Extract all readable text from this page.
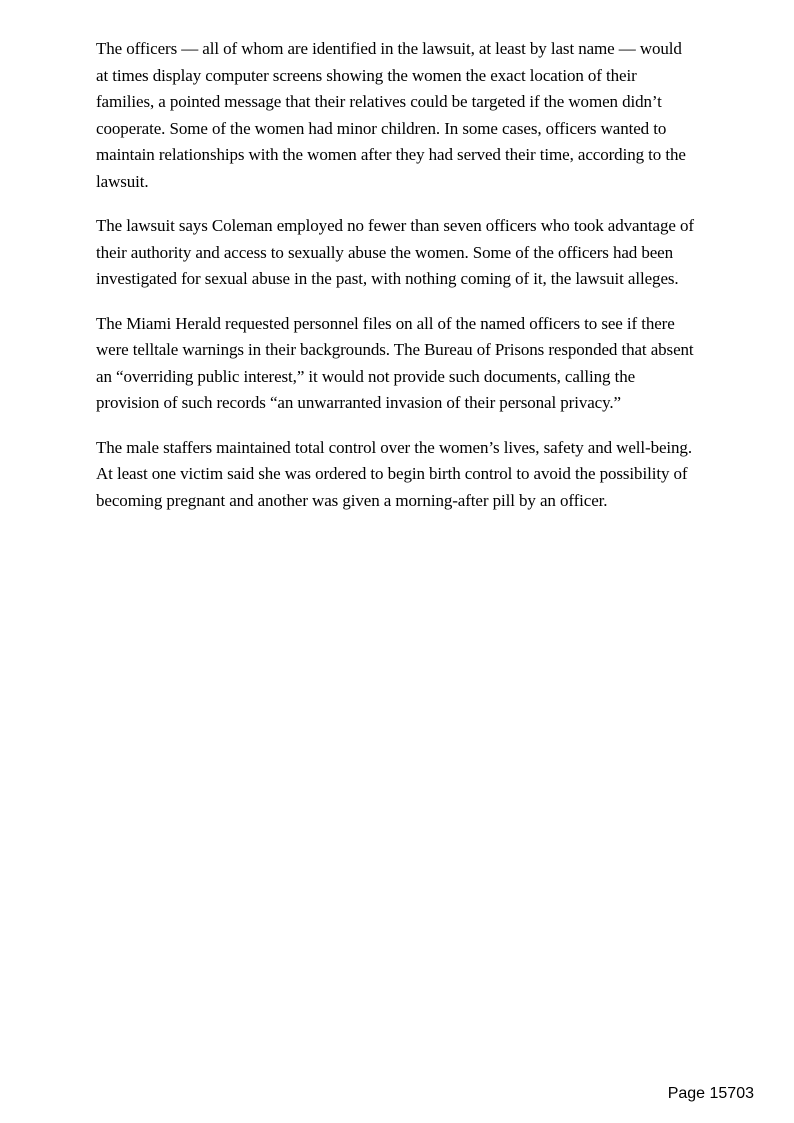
The officers — all of whom are identified in the lawsuit, at least by last name — would at times display computer screens showing the women the exact location of their families, a pointed message that their relatives could be targeted if the women didn’t cooperate. Some of the women had minor children. In some cases, officers wanted to maintain relationships with the women after they had served their time, according to the lawsuit.

The lawsuit says Coleman employed no fewer than seven officers who took advantage of their authority and access to sexually abuse the women. Some of the officers had been investigated for sexual abuse in the past, with nothing coming of it, the lawsuit alleges.

The Miami Herald requested personnel files on all of the named officers to see if there were telltale warnings in their backgrounds. The Bureau of Prisons responded that absent an “overriding public interest,” it would not provide such documents, calling the provision of such records “an unwarranted invasion of their personal privacy.”

The male staffers maintained total control over the women’s lives, safety and well-being. At least one victim said she was ordered to begin birth control to avoid the possibility of becoming pregnant and another was given a morning-after pill by an officer.

Page 15703
